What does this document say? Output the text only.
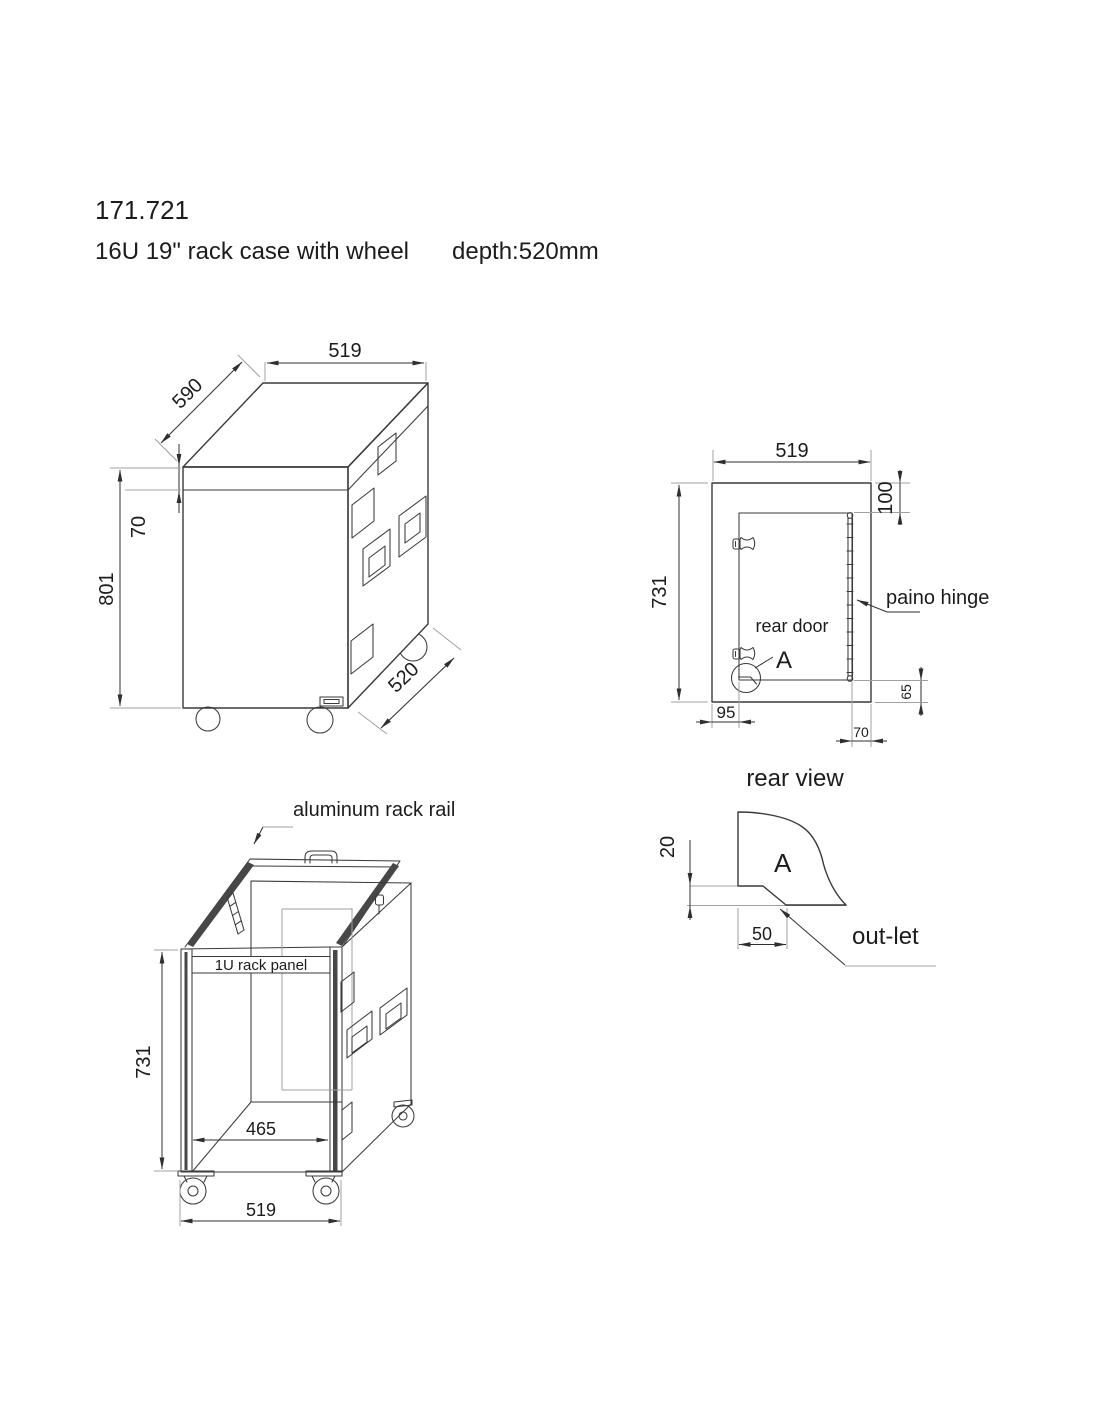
171.721
16U 19" rack case with wheel depth:520mm
519
590
70
801
520	A
rear door
paino hinge
519
731
100
65
95
70
rear view
1U rack panel
aluminum rack rail
731
465
519
A
20
50	out-let
